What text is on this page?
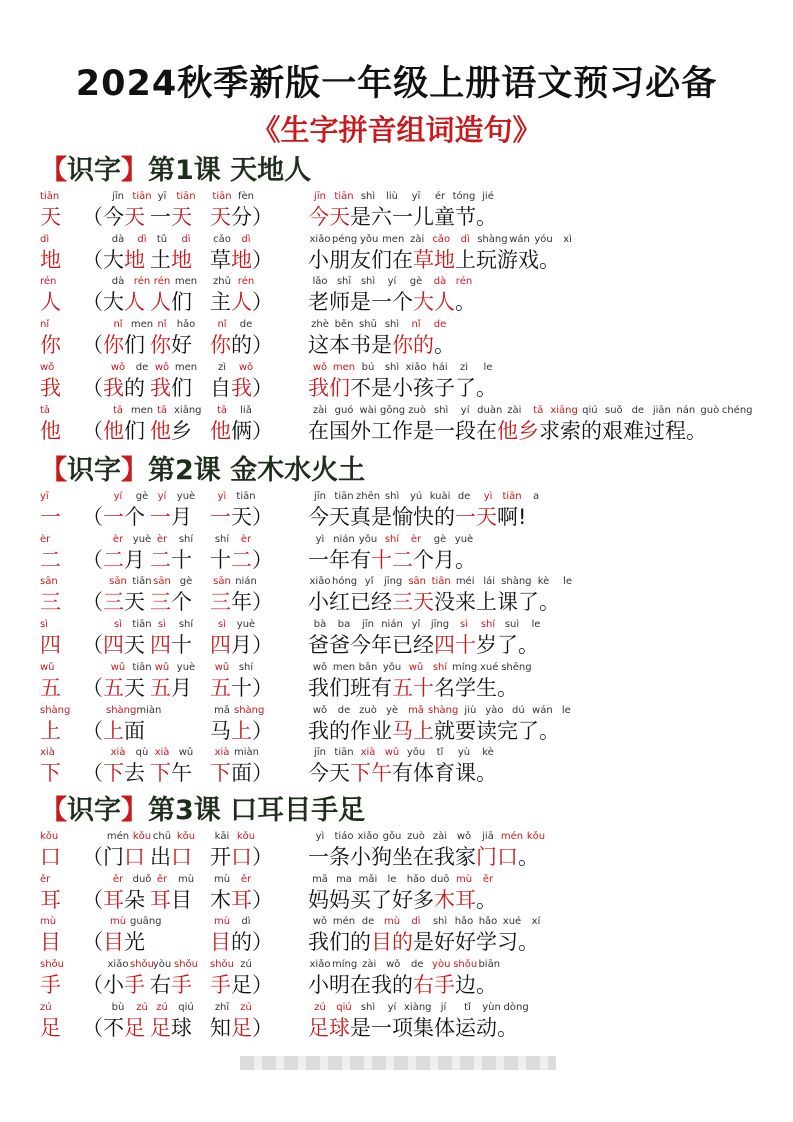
2024秋季新版一年级上册语文预习必备
《生字拼音组词造句》
【识字】第1课 天地人
tiān
天
jīn tiān
（今天
yī tiān
一天
tiān fèn
天分）
jīn tiān shì liù yī ér tóng jié
今天是六一儿童节。
dì
地
dà dì
（大地
tǔ dì
土地
cǎo dì
草地）
xiǎo péng yǒu men zài cǎo dì shàng wán yóu xì
小朋友们在草地上玩游戏。
rén
人
dà rén
（大人
rén men
人们
zhǔ rén
主人）
lǎo shī shì yí gè dà rén
老师是一个大人。
nǐ
你
nǐ men
（你们
nǐ hǎo
你好
nǐ de
你的）
zhè běn shū shì nǐ de
这本书是你的。
wǒ
我
wǒ de
（我的
wǒ men
我们
zì wǒ
自我）
wǒ men bú shì xiǎo hái zi le
我们不是小孩子了。
tā
他
tā men
（他们
tā xiāng
他乡
tā liǎ
他俩）
zài guó wài gōng zuò shì yí duàn zài tā xiāng qiú suǒ de jiān nán guò chéng
在国外工作是一段在他乡求索的艰难过程。
【识字】第2课 金木水火土
yī
一
yí gè
（一个
yí yuè
一月
yì tiān
一天）
jīn tiān zhēn shì yú kuài de yì tiān a
今天真是愉快的一天啊!
èr
二
èr yuè
（二月
èr shí
二十
shí èr
十二）
yì nián yǒu shí èr gè yuè
一年有十二个月。
sān
三
sān tiān
（三天
sān gè
三个
sān nián
三年）
xiǎo hóng yǐ jīng sān tiān méi lái shàng kè le
小红已经三天没来上课了。
sì
四
sì tiān
（四天
sì shí
四十
sì yuè
四月）
bà ba jīn nián yǐ jīng sì shí suì le
爸爸今年已经四十岁了。
wǔ
五
wǔ tiān
（五天
wǔ yuè
五月
wǔ shí
五十）
wǒ men bān yǒu wǔ shí míng xué shēng
我们班有五十名学生。
shàng
上
shàngmiàn
（上面
mǎ shàng
马上）
wǒ de zuò yè mǎ shàng jiù yào dú wán le
我的作业马上就要读完了。
xià
下
xià qù
（下去
xià wǔ
下午
xià miàn
下面）
jīn tiān xià wǔ yǒu tǐ yù kè
今天下午有体育课。
【识字】第3课 口耳目手足
kǒu
口
mén kǒu
（门口
chū kǒu
出口
kāi kǒu
开口）
yì tiáo xiǎo gǒu zuò zài wǒ jiā mén kǒu
一条小狗坐在我家门口。
ěr
耳
ěr duǒ
（耳朵
ěr mù
耳目
mù ěr
木耳）
mā ma mǎi le hǎo duō mù ěr
妈妈买了好多木耳。
mù
目
mù guāng
（目光
mù dì
目的）
wǒ mén de mù dì shì hǎo hǎo xué xí
我们的目的是好好学习。
shǒu
手
xiǎo shǒu
（小手
yòu shǒu
右手
shǒu zú
手足）
xiǎo míng zài wǒ de yòu shǒubiān
小明在我的右手边。
zú
足
bù zú
（不足
zú qiú
足球
zhī zú
知足）
zú qiú shì yí xiàng jí tǐ yùn dòng
足球是一项集体运动。
